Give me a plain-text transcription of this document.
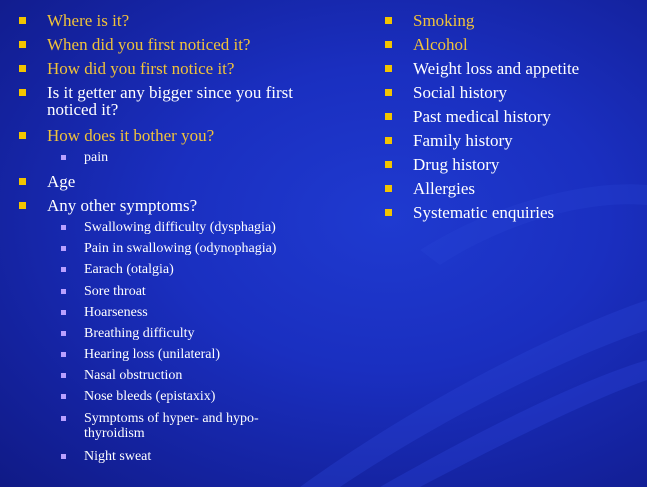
Where is it?
When did you first noticed it?
How did you first notice it?
Is it getter any bigger since you first
noticed it?
How does it bother you?
pain
Age
Any other symptoms?
Swallowing difficulty (dysphagia)
Pain in swallowing (odynophagia)
Earach (otalgia)
Sore throat
Hoarseness
Breathing difficulty
Hearing loss (unilateral)
Nasal obstruction
Nose bleeds (epistaxix)
Symptoms of hyper- and hypo-
thyroidism
Night sweat
Smoking
Alcohol
Weight loss and appetite
Social history
Past medical history
Family history
Drug history
Allergies
Systematic enquiries
